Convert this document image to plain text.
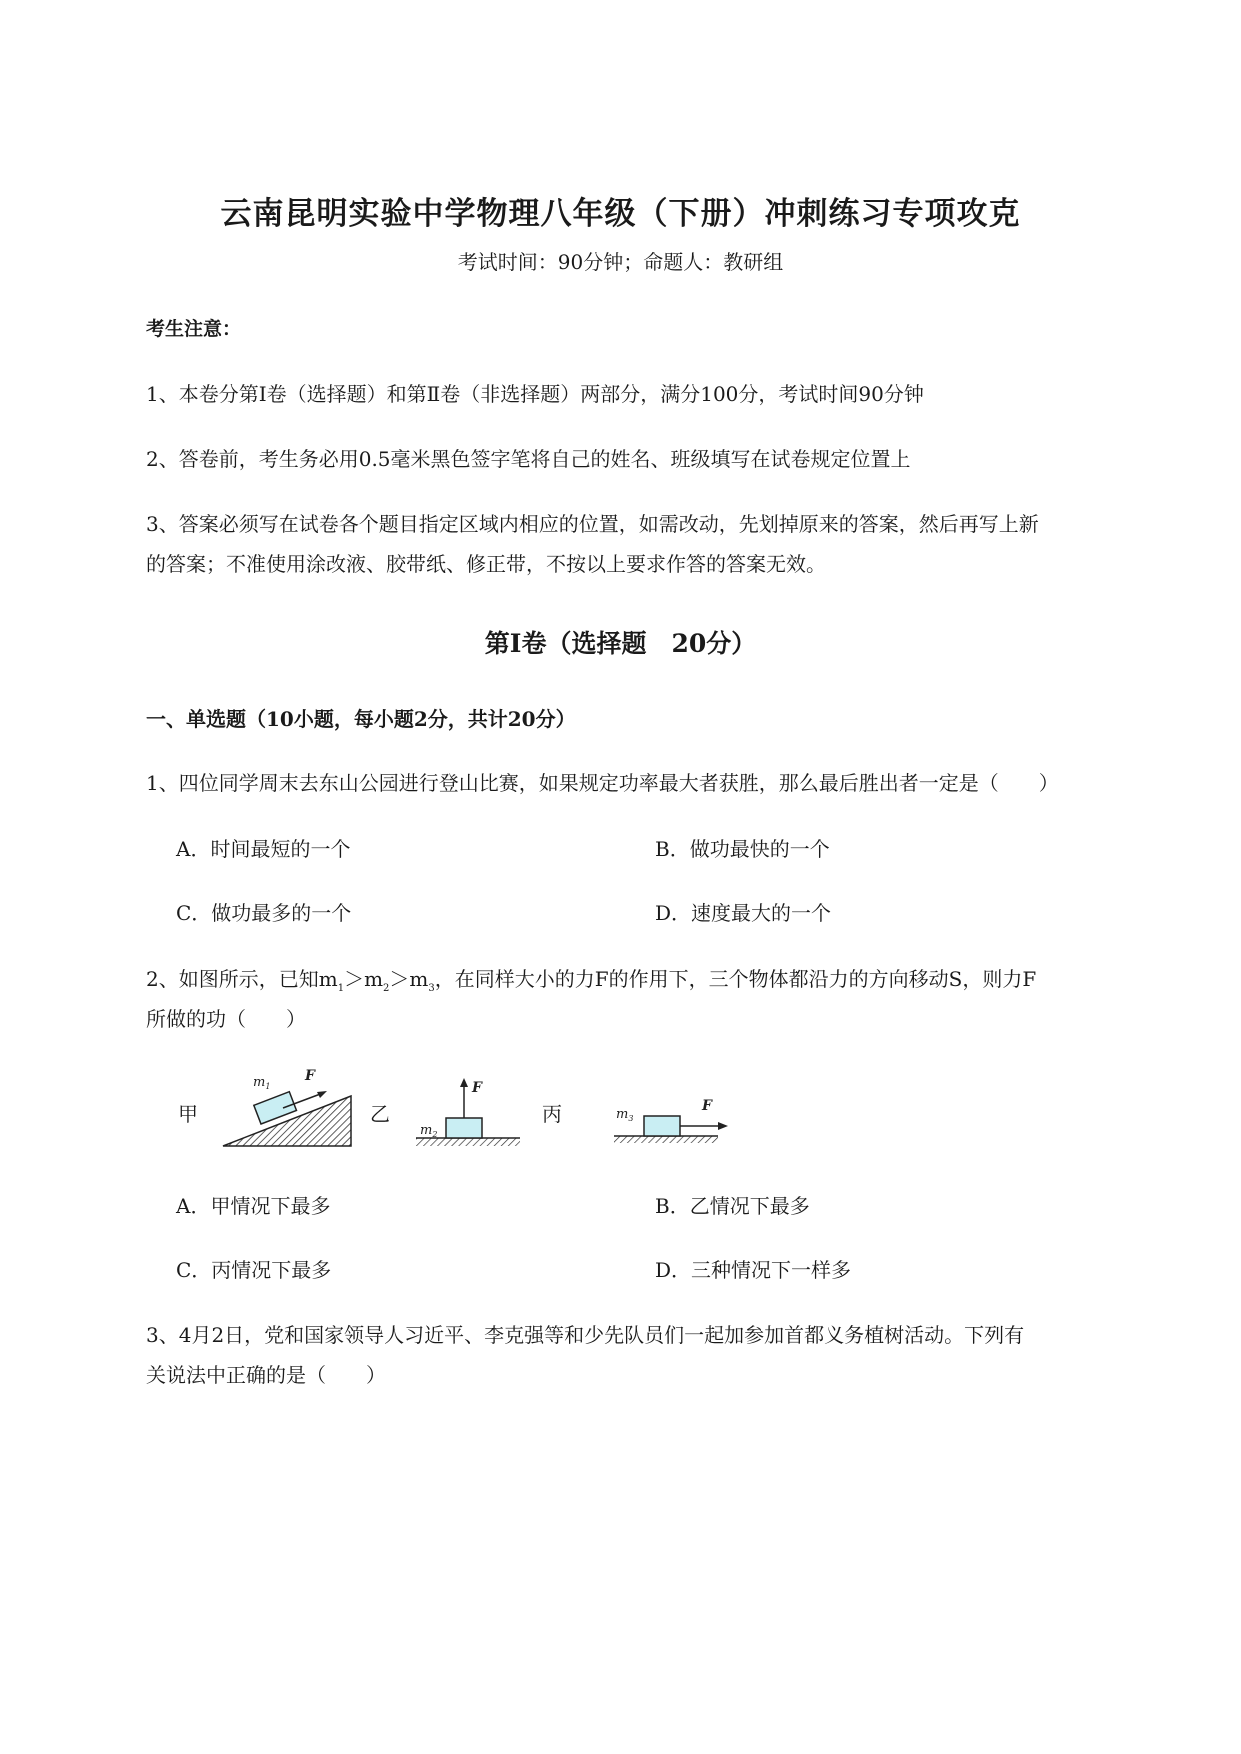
云南昆明实验中学物理八年级（下册）冲刺练习专项攻克
考试时间：90分钟；命题人：教研组
考生注意：
1、本卷分第I卷（选择题）和第Ⅱ卷（非选择题）两部分，满分100分，考试时间90分钟
2、答卷前，考生务必用0.5毫米黑色签字笔将自己的姓名、班级填写在试卷规定位置上
3、答案必须写在试卷各个题目指定区域内相应的位置，如需改动，先划掉原来的答案，然后再写上新
的答案；不准使用涂改液、胶带纸、修正带，不按以上要求作答的答案无效。
第I卷（选择题　20分）
一、单选题（10小题，每小题2分，共计20分）
1、四位同学周末去东山公园进行登山比赛，如果规定功率最大者获胜，那么最后胜出者一定是（　　）
A．时间最短的一个	B．做功最快的一个
C．做功最多的一个	D．速度最大的一个
2、如图所示，已知$m_1>m_2>m_3$，在同样大小的力F的作用下，三个物体都沿力的方向移动S，则力F
所做的功（　　）
甲	乙	丙
$m_1$
F
$m_2$
F
$m_3$
F
A．甲情况下最多	B．乙情况下最多
C．丙情况下最多	D．三种情况下一样多
3、4月2日，党和国家领导人习近平、李克强等和少先队员们一起加参加首都义务植树活动。下列有
关说法中正确的是（　　）
